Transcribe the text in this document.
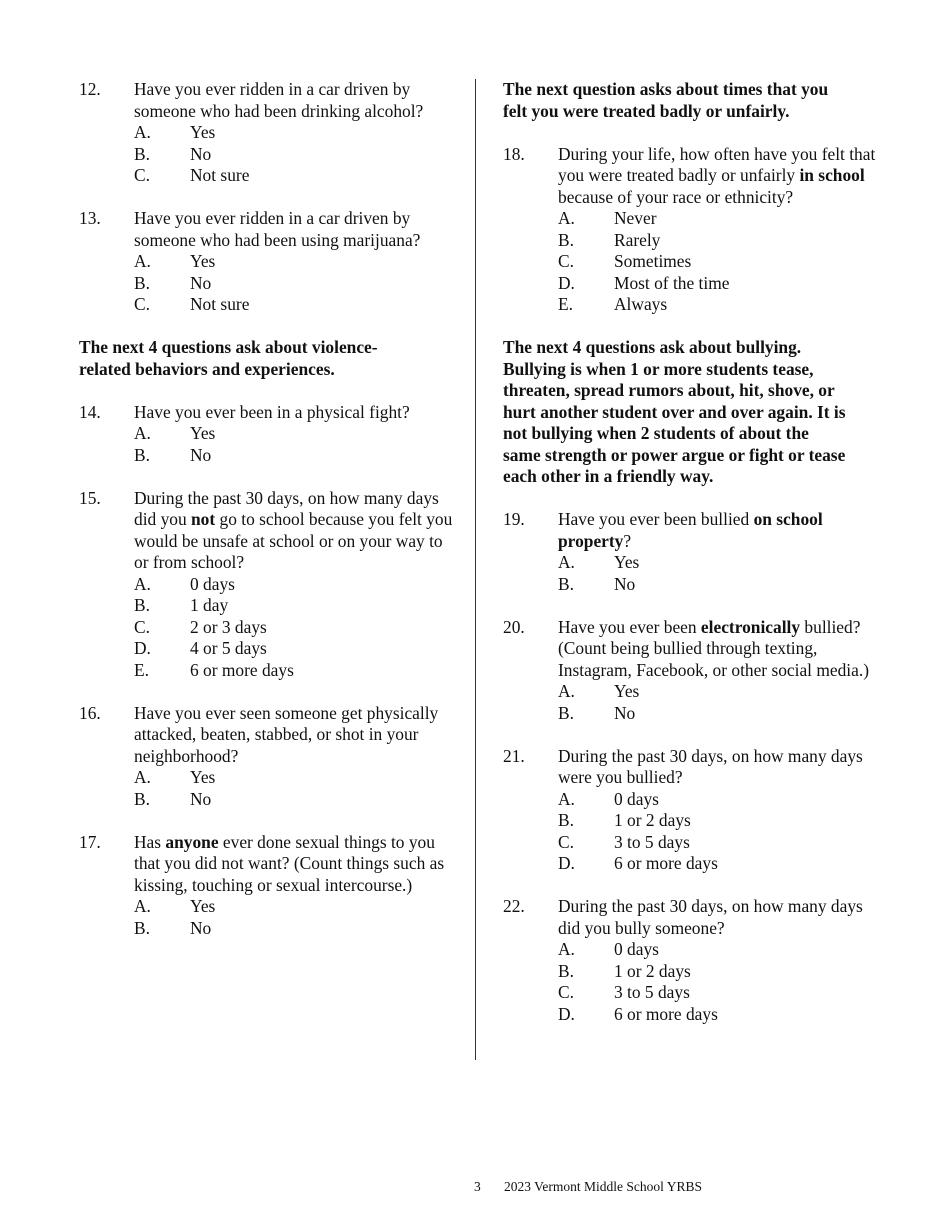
12.	Have you ever ridden in a car driven by someone who had been drinking alcohol?
A.	Yes
B.	No
C.	Not sure
13.	Have you ever ridden in a car driven by someone who had been using marijuana?
A.	Yes
B.	No
C.	Not sure
The next 4 questions ask about violence-
related behaviors and experiences.
14.	Have you ever been in a physical fight?
A.	Yes
B.	No
15.	During the past 30 days, on how many days did you not go to school because you felt you would be unsafe at school or on your way to or from school?
A.	0 days
B.	1 day
C.	2 or 3 days
D.	4 or 5 days
E.	6 or more days
16.	Have you ever seen someone get physically attacked, beaten, stabbed, or shot in your neighborhood?
A.	Yes
B.	No
17.	Has anyone ever done sexual things to you that you did not want? (Count things such as kissing, touching or sexual intercourse.)
A.	Yes
B.	No
The next question asks about times that you
felt you were treated badly or unfairly.
18.	During your life, how often have you felt that you were treated badly or unfairly in school because of your race or ethnicity?
A.	Never
B.	Rarely
C.	Sometimes
D.	Most of the time
E.	Always
The next 4 questions ask about bullying.
Bullying is when 1 or more students tease,
threaten, spread rumors about, hit, shove, or
hurt another student over and over again. It is
not bullying when 2 students of about the
same strength or power argue or fight or tease
each other in a friendly way.
19.	Have you ever been bullied on school property?
A.	Yes
B.	No
20.	Have you ever been electronically bullied? (Count being bullied through texting, Instagram, Facebook, or other social media.)
A.	Yes
B.	No
21.	During the past 30 days, on how many days were you bullied?
A.	0 days
B.	1 or 2 days
C.	3 to 5 days
D.	6 or more days
22.	During the past 30 days, on how many days did you bully someone?
A.	0 days
B.	1 or 2 days
C.	3 to 5 days
D.	6 or more days
3 2023 Vermont Middle School YRBS
